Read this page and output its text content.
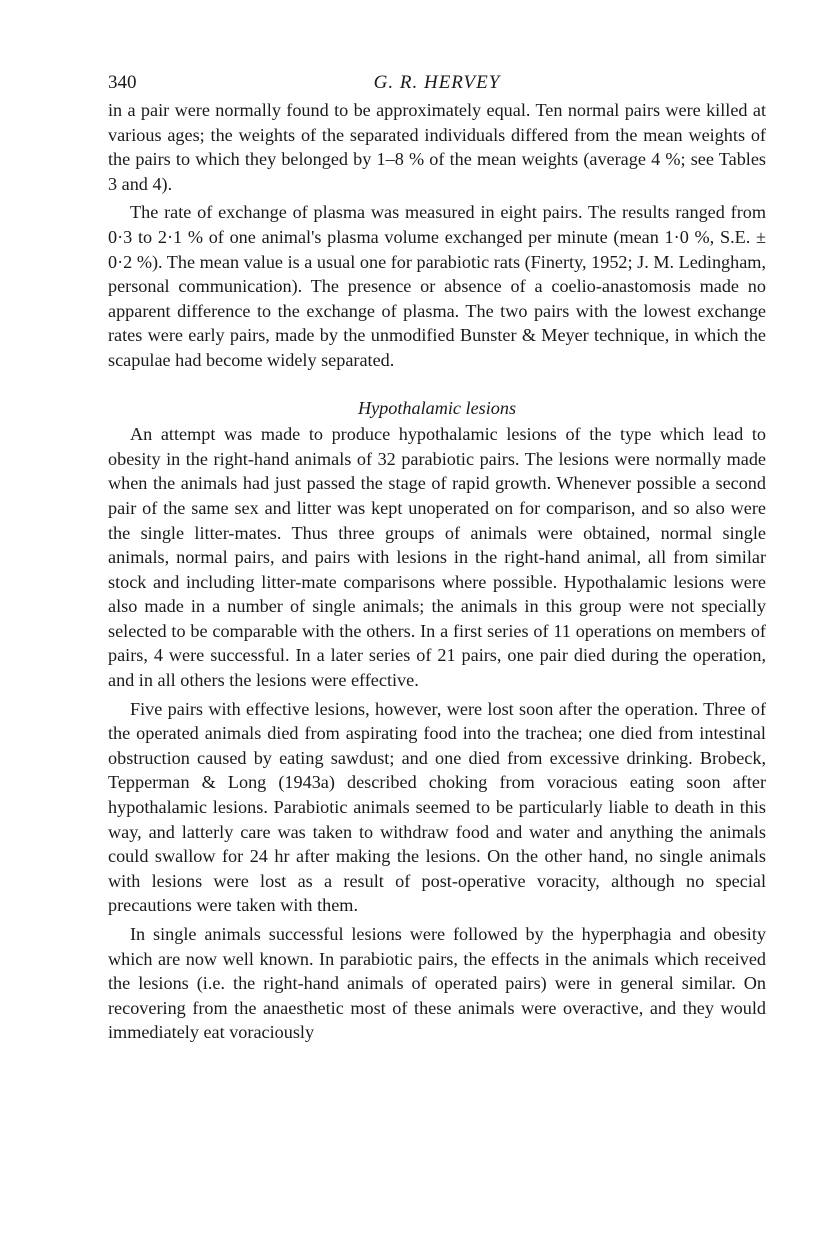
340	G. R. HERVEY

in a pair were normally found to be approximately equal. Ten normal pairs were killed at various ages; the weights of the separated individuals differed from the mean weights of the pairs to which they belonged by 1–8 % of the mean weights (average 4 %; see Tables 3 and 4).

The rate of exchange of plasma was measured in eight pairs. The results ranged from 0·3 to 2·1 % of one animal's plasma volume exchanged per minute (mean 1·0 %, S.E. ± 0·2 %). The mean value is a usual one for parabiotic rats (Finerty, 1952; J. M. Ledingham, personal communication). The presence or absence of a coelio-anastomosis made no apparent difference to the exchange of plasma. The two pairs with the lowest exchange rates were early pairs, made by the unmodified Bunster & Meyer technique, in which the scapulae had become widely separated.

Hypothalamic lesions

An attempt was made to produce hypothalamic lesions of the type which lead to obesity in the right-hand animals of 32 parabiotic pairs. The lesions were normally made when the animals had just passed the stage of rapid growth. Whenever possible a second pair of the same sex and litter was kept unoperated on for comparison, and so also were the single litter-mates. Thus three groups of animals were obtained, normal single animals, normal pairs, and pairs with lesions in the right-hand animal, all from similar stock and including litter-mate comparisons where possible. Hypothalamic lesions were also made in a number of single animals; the animals in this group were not specially selected to be comparable with the others. In a first series of 11 operations on members of pairs, 4 were successful. In a later series of 21 pairs, one pair died during the operation, and in all others the lesions were effective.

Five pairs with effective lesions, however, were lost soon after the operation. Three of the operated animals died from aspirating food into the trachea; one died from intestinal obstruction caused by eating sawdust; and one died from excessive drinking. Brobeck, Tepperman & Long (1943a) described choking from voracious eating soon after hypothalamic lesions. Parabiotic animals seemed to be particularly liable to death in this way, and latterly care was taken to withdraw food and water and anything the animals could swallow for 24 hr after making the lesions. On the other hand, no single animals with lesions were lost as a result of post-operative voracity, although no special precautions were taken with them.

In single animals successful lesions were followed by the hyperphagia and obesity which are now well known. In parabiotic pairs, the effects in the animals which received the lesions (i.e. the right-hand animals of operated pairs) were in general similar. On recovering from the anaesthetic most of these animals were overactive, and they would immediately eat voraciously
